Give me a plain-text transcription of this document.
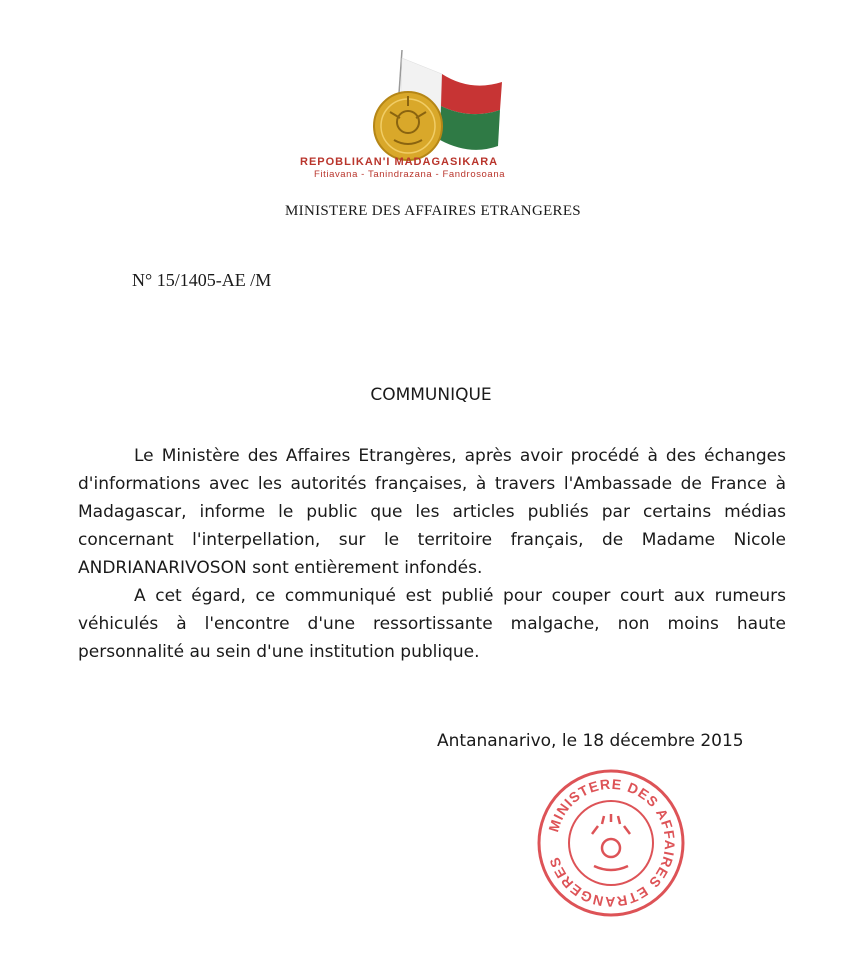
REPOBLIKAN'I MADAGASIKARA
Fitiavana - Tanindrazana - Fandrosoana
MINISTERE DES AFFAIRES ETRANGERES
N° 15/1405-AE /M
COMMUNIQUE

Le Ministère des Affaires Etrangères, après avoir procédé à des échanges d'informations avec les autorités françaises, à travers l'Ambassade de France à Madagascar, informe le public que les articles publiés par certains médias concernant l'interpellation, sur le territoire français, de Madame Nicole ANDRIANARIVOSON sont entièrement infondés.

A cet égard, ce communiqué est publié pour couper court aux rumeurs véhiculés à l'encontre d'une ressortissante malgache, non moins haute personnalité au sein d'une institution publique.

Antananarivo, le 18 décembre 2015
MINISTERE DES AFFAIRES ETRANGERES
